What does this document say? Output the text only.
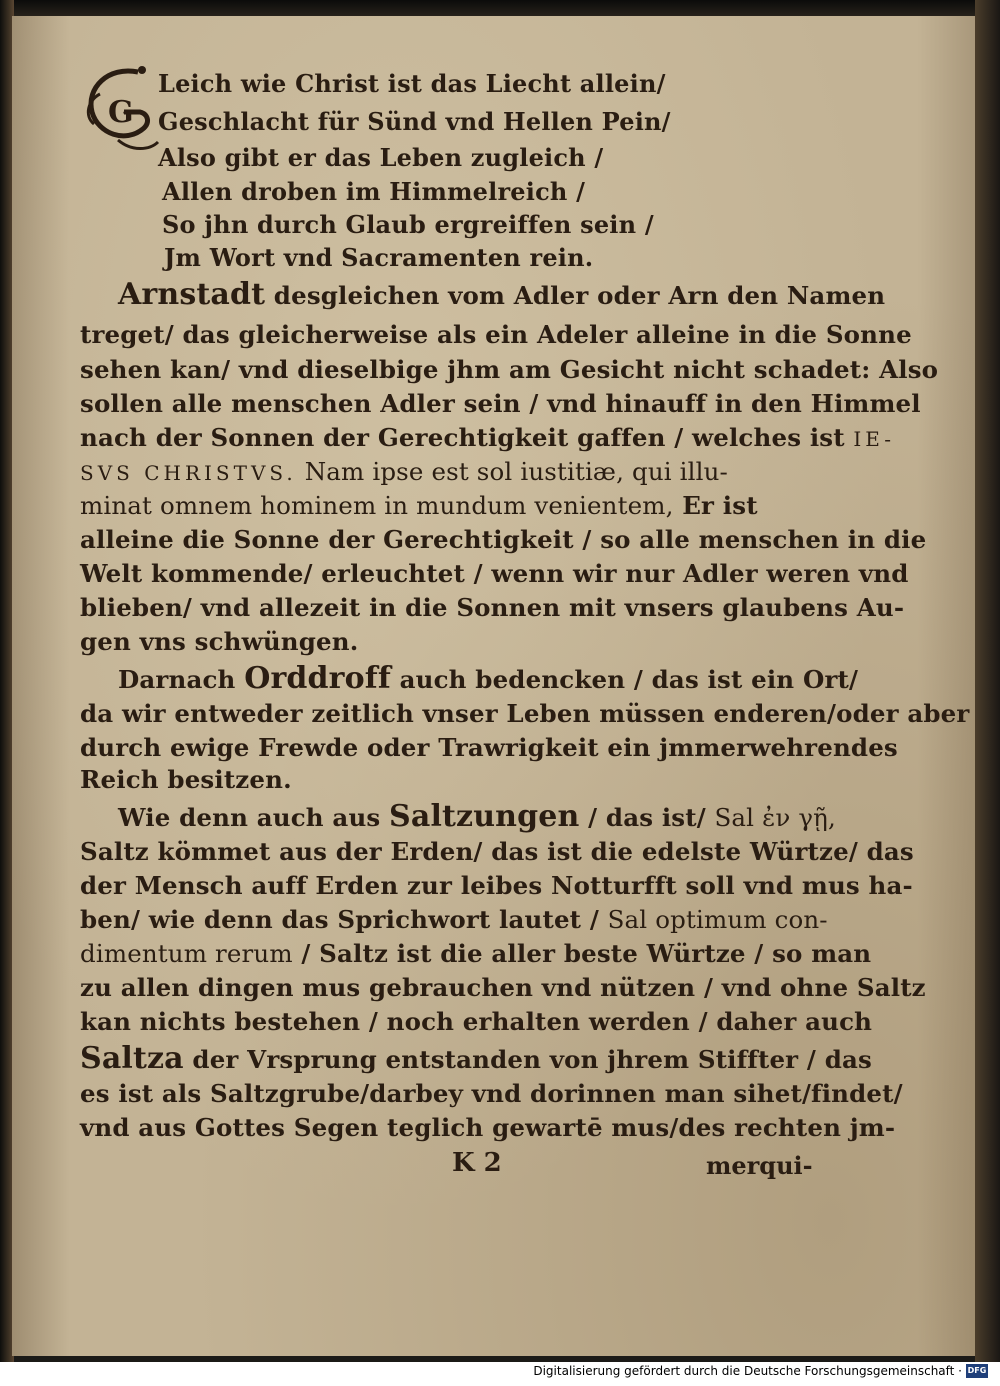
G
Leich wie Christ ist das Liecht allein/
Geschlacht für Sünd vnd Hellen Pein/
Also gibt er das Leben zugleich /
Allen droben im Himmelreich /
So jhn durch Glaub ergreiffen sein /
Jm Wort vnd Sacramenten rein.
Arnstadt desgleichen vom Adler oder Arn den Namen
treget/ das gleicherweise als ein Adeler alleine in die Sonne
sehen kan/ vnd dieselbige jhm am Gesicht nicht schadet: Also
sollen alle menschen Adler sein / vnd hinauff in den Himmel
nach der Sonnen der Gerechtigkeit gaffen / welches ist IE-
SVS CHRISTVS. Nam ipse est sol iustitiæ, qui illu-
minat omnem hominem in mundum venientem, Er ist
alleine die Sonne der Gerechtigkeit / so alle menschen in die
Welt kommende/ erleuchtet / wenn wir nur Adler weren vnd
blieben/ vnd allezeit in die Sonnen mit vnsers glaubens Au-
gen vns schwüngen.
Darnach Orddroff auch bedencken / das ist ein Ort/
da wir entweder zeitlich vnser Leben müssen enderen/oder aber
durch ewige Frewde oder Trawrigkeit ein jmmerwehrendes
Reich besitzen.
Wie denn auch aus Saltzungen / das ist/ Sal ἐν γῇ,
Saltz kömmet aus der Erden/ das ist die edelste Würtze/ das
der Mensch auff Erden zur leibes Notturfft soll vnd mus ha-
ben/ wie denn das Sprichwort lautet / Sal optimum con-
dimentum rerum / Saltz ist die aller beste Würtze / so man
zu allen dingen mus gebrauchen vnd nützen / vnd ohne Saltz
kan nichts bestehen / noch erhalten werden / daher auch
Saltza der Vrsprung entstanden von jhrem Stiffter / das
es ist als Saltzgrube/darbey vnd dorinnen man sihet/findet/
vnd aus Gottes Segen teglich gewartē mus/des rechten jm-
K 2	merqui-
Digitalisierung gefördert durch die Deutsche Forschungsgemeinschaft · DFG
